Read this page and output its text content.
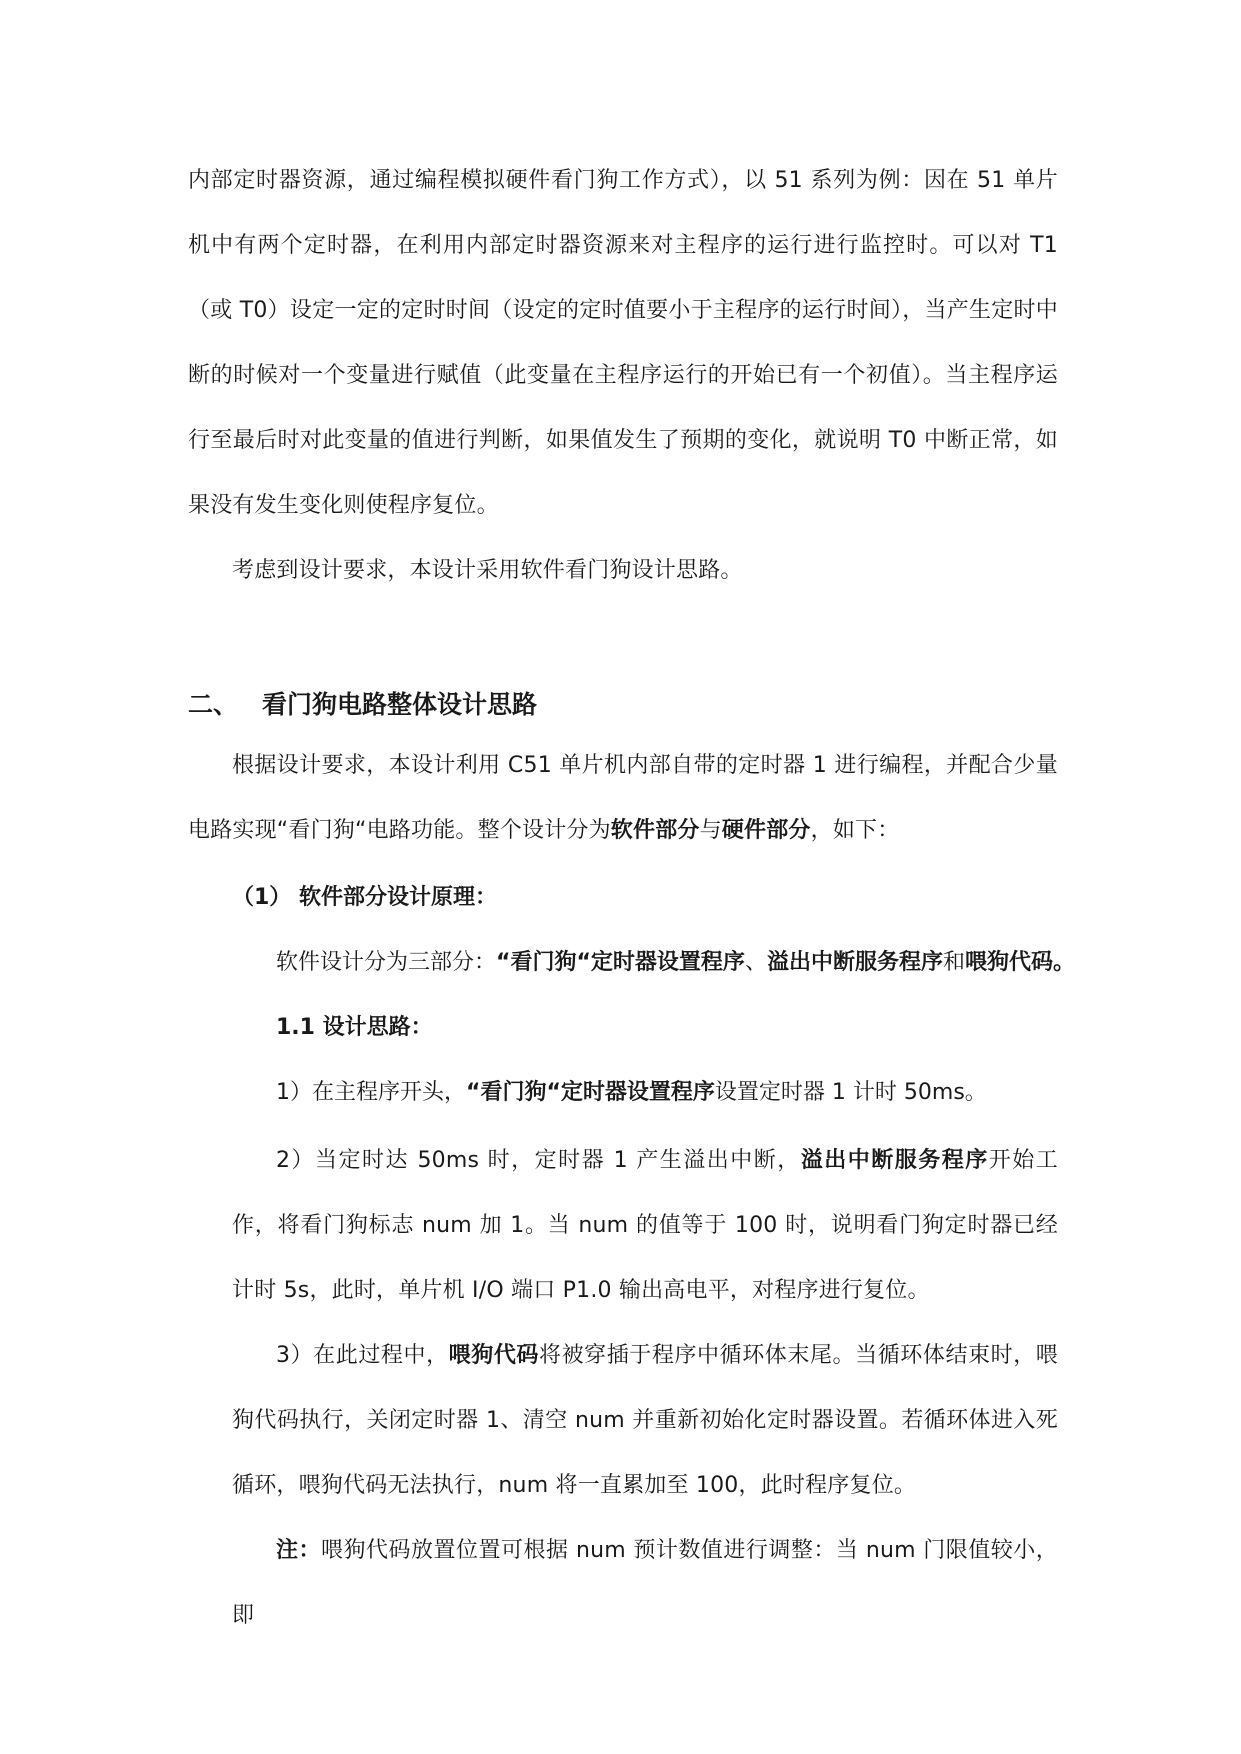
内部定时器资源，通过编程模拟硬件看门狗工作方式），以 51 系列为例：因在 51 单片机中有两个定时器，在利用内部定时器资源来对主程序的运行进行监控时。可以对 T1（或 T0）设定一定的定时时间（设定的定时值要小于主程序的运行时间），当产生定时中断的时候对一个变量进行赋值（此变量在主程序运行的开始已有一个初值）。当主程序运行至最后时对此变量的值进行判断，如果值发生了预期的变化，就说明 T0 中断正常，如果没有发生变化则使程序复位。

考虑到设计要求，本设计采用软件看门狗设计思路。

二、 看门狗电路整体设计思路

根据设计要求，本设计利用 C51 单片机内部自带的定时器 1 进行编程，并配合少量电路实现“看门狗“电路功能。整个设计分为软件部分与硬件部分，如下：

（1） 软件部分设计原理：

软件设计分为三部分：“看门狗“定时器设置程序、溢出中断服务程序和喂狗代码。

1.1 设计思路：

1）在主程序开头，“看门狗“定时器设置程序设置定时器 1 计时 50ms。

2）当定时达 50ms 时，定时器 1 产生溢出中断，溢出中断服务程序开始工作，将看门狗标志 num 加 1。当 num 的值等于 100 时，说明看门狗定时器已经计时 5s，此时，单片机 I/O 端口 P1.0 输出高电平，对程序进行复位。

3）在此过程中，喂狗代码将被穿插于程序中循环体末尾。当循环体结束时，喂狗代码执行，关闭定时器 1、清空 num 并重新初始化定时器设置。若循环体进入死循环，喂狗代码无法执行，num 将一直累加至 100，此时程序复位。

注：喂狗代码放置位置可根据 num 预计数值进行调整：当 num 门限值较小，即
